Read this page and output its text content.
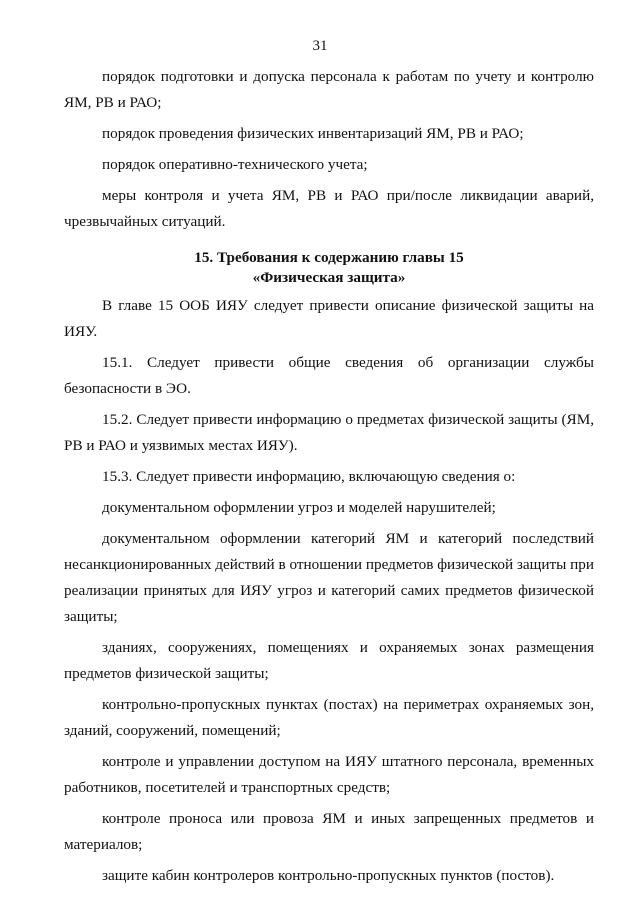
31

порядок подготовки и допуска персонала к работам по учету и контролю ЯМ, РВ и РАО;

порядок проведения физических инвентаризаций ЯМ, РВ и РАО;

порядок оперативно-технического учета;

меры контроля и учета ЯМ, РВ и РАО при/после ликвидации аварий, чрезвычайных ситуаций.

15. Требования к содержанию главы 15
«Физическая защита»

В главе 15 ООБ ИЯУ следует привести описание физической защиты на ИЯУ.

15.1. Следует привести общие сведения об организации службы безопасности в ЭО.

15.2. Следует привести информацию о предметах физической защиты (ЯМ, РВ и РАО и уязвимых местах ИЯУ).

15.3. Следует привести информацию, включающую сведения о:

документальном оформлении угроз и моделей нарушителей;

документальном оформлении категорий ЯМ и категорий последствий несанкционированных действий в отношении предметов физической защиты при реализации принятых для ИЯУ угроз и категорий самих предметов физической защиты;

зданиях, сооружениях, помещениях и охраняемых зонах размещения предметов физической защиты;

контрольно-пропускных пунктах (постах) на периметрах охраняемых зон, зданий, сооружений, помещений;

контроле и управлении доступом на ИЯУ штатного персонала, временных работников, посетителей и транспортных средств;

контроле проноса или провоза ЯМ и иных запрещенных предметов и материалов;

защите кабин контролеров контрольно-пропускных пунктов (постов).
